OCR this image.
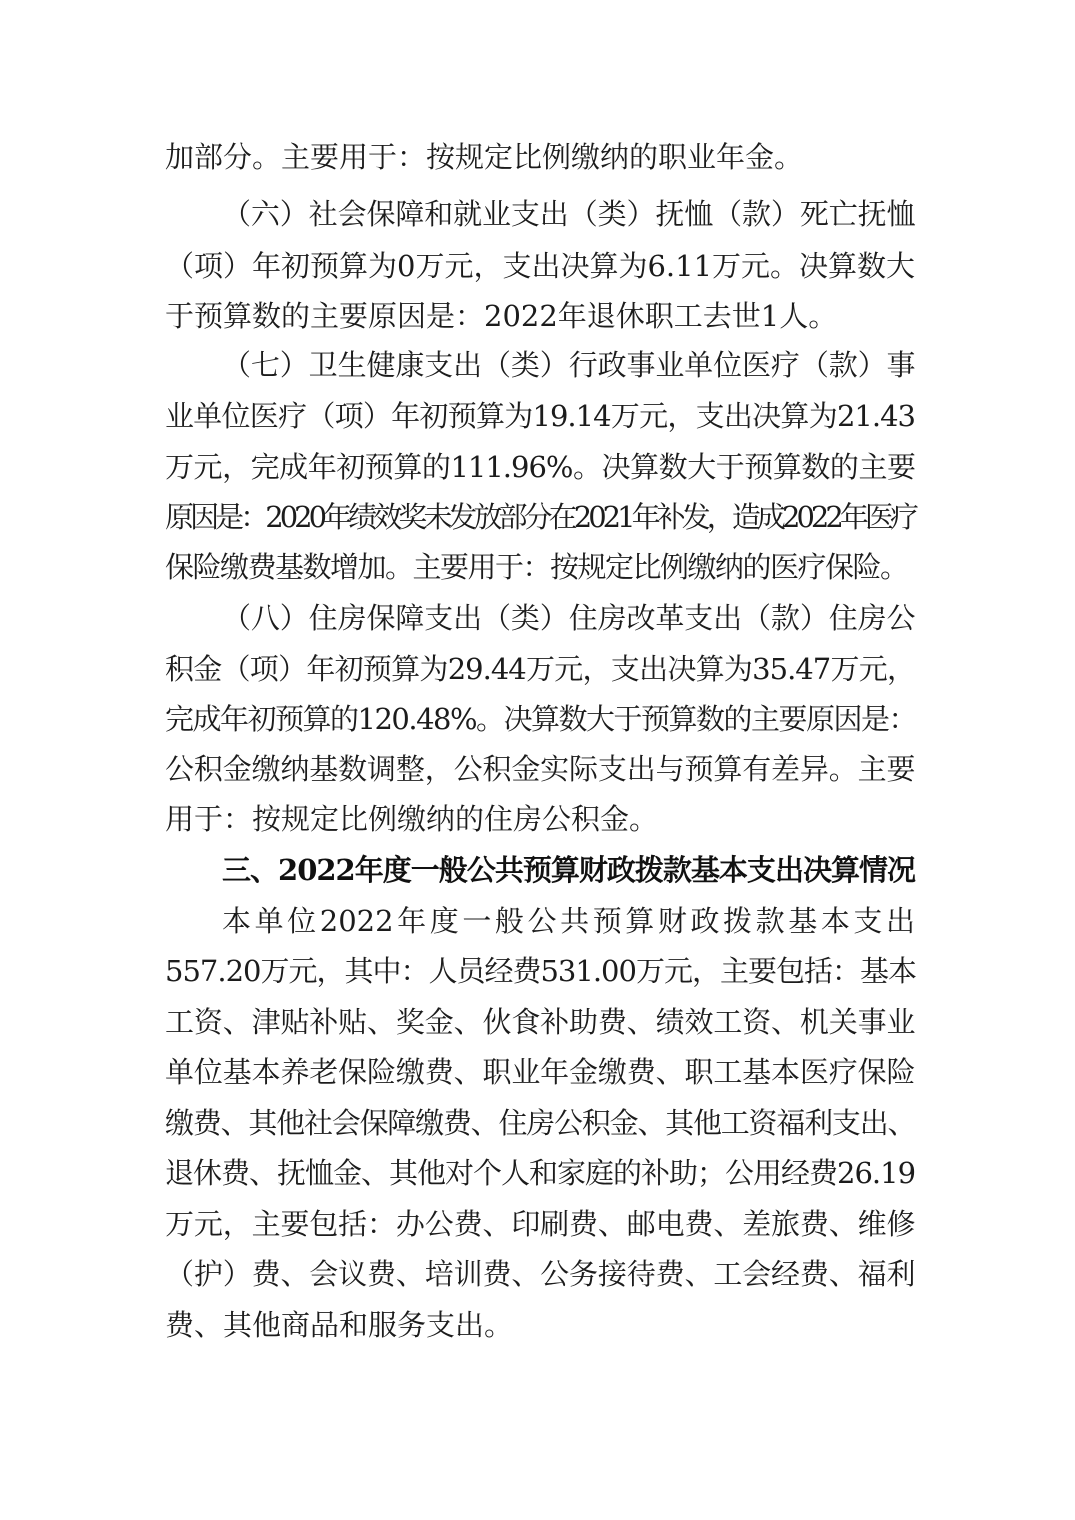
加部分。主要用于：按规定比例缴纳的职业年金。
（六）社会保障和就业支出（类）抚恤（款）死亡抚恤
（项）年初预算为0万元，支出决算为6.11万元。决算数大
于预算数的主要原因是：2022年退休职工去世1人。
（七）卫生健康支出（类）行政事业单位医疗（款）事
业单位医疗（项）年初预算为19.14万元，支出决算为21.43
万元，完成年初预算的111.96%。决算数大于预算数的主要
原因是：2020年绩效奖未发放部分在2021年补发，造成2022年医疗
保险缴费基数增加。主要用于：按规定比例缴纳的医疗保险。
（八）住房保障支出（类）住房改革支出（款）住房公
积金（项）年初预算为29.44万元，支出决算为35.47万元，
完成年初预算的120.48%。决算数大于预算数的主要原因是：
公积金缴纳基数调整，公积金实际支出与预算有差异。主要
用于：按规定比例缴纳的住房公积金。
三、2022年度一般公共预算财政拨款基本支出决算情况
本单位2022年度一般公共预算财政拨款基本支出
557.20万元，其中：人员经费531.00万元，主要包括：基本
工资、津贴补贴、奖金、伙食补助费、绩效工资、机关事业
单位基本养老保险缴费、职业年金缴费、职工基本医疗保险
缴费、其他社会保障缴费、住房公积金、其他工资福利支出、
退休费、抚恤金、其他对个人和家庭的补助；公用经费26.19
万元，主要包括：办公费、印刷费、邮电费、差旅费、维修
（护）费、会议费、培训费、公务接待费、工会经费、福利
费、其他商品和服务支出。
